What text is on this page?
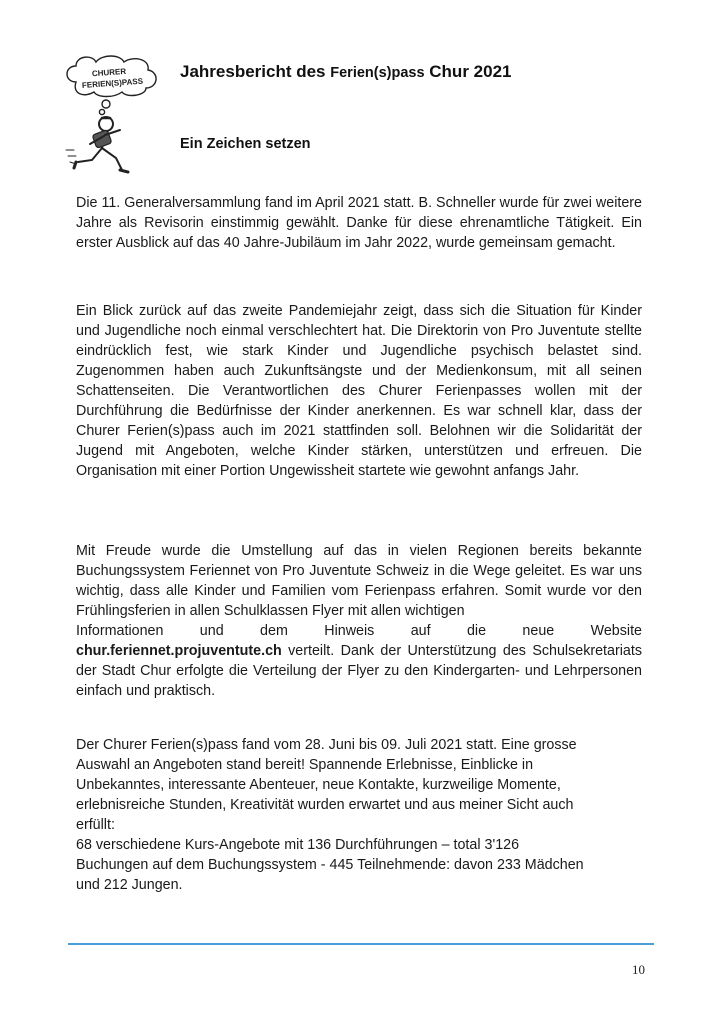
CHURER
FERIEN(S)PASS
Jahresbericht des Ferien(s)pass Chur 2021
Ein Zeichen setzen

Die 11. Generalversammlung fand im April 2021 statt. B. Schneller wurde für zwei weitere Jahre als Revisorin einstimmig gewählt. Danke für diese ehrenamtliche Tätigkeit. Ein erster Ausblick auf das 40 Jahre-Jubiläum im Jahr 2022, wurde gemeinsam gemacht.

Ein Blick zurück auf das zweite Pandemiejahr zeigt, dass sich die Situation für Kinder und Jugendliche noch einmal verschlechtert hat. Die Direktorin von Pro Juventute stellte eindrücklich fest, wie stark Kinder und Jugendliche psychisch belastet sind. Zugenommen haben auch Zukunftsängste und der Medienkonsum, mit all seinen Schattenseiten. Die Verantwortlichen des Churer Ferienpasses wollen mit der Durchführung die Bedürfnisse der Kinder anerkennen. Es war schnell klar, dass der Churer Ferien(s)pass auch im 2021 stattfinden soll. Belohnen wir die Solidarität der Jugend mit Angeboten, welche Kinder stärken, unterstützen und erfreuen. Die Organisation mit einer Portion Ungewissheit startete wie gewohnt anfangs Jahr.

Mit Freude wurde die Umstellung auf das in vielen Regionen bereits bekannte Buchungssystem Feriennet von Pro Juventute Schweiz in die Wege geleitet. Es war uns wichtig, dass alle Kinder und Familien vom Ferienpass erfahren. Somit wurde vor den Frühlingsferien in allen Schulklassen Flyer mit allen wichtigen
Informationen und dem Hinweis auf die neue Website
chur.feriennet.projuventute.ch verteilt. Dank der Unterstützung des Schulsekretariats der Stadt Chur erfolgte die Verteilung der Flyer zu den Kindergarten- und Lehrpersonen einfach und praktisch.
Der Churer Ferien(s)pass fand vom 28. Juni bis 09. Juli 2021 statt. Eine grosse
Auswahl an Angeboten stand bereit! Spannende Erlebnisse, Einblicke in
Unbekanntes, interessante Abenteuer, neue Kontakte, kurzweilige Momente,
erlebnisreiche Stunden, Kreativität wurden erwartet und aus meiner Sicht auch
erfüllt:
68 verschiedene Kurs-Angebote mit 136 Durchführungen – total 3'126
Buchungen auf dem Buchungssystem - 445 Teilnehmende: davon 233 Mädchen
und 212 Jungen.

10
